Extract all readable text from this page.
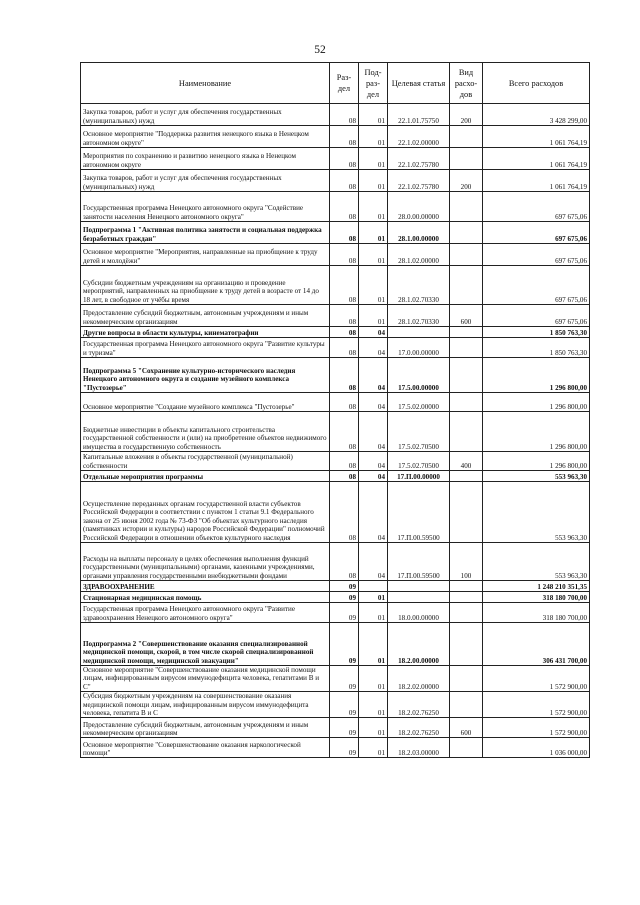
52
Наименование	Раз-дел	Под-раз-дел	Целевая статья	Вид расхо-дов	Всего расходов
Закупка товаров, работ и услуг для обеспечения государственных (муниципальных) нужд	08	01	22.1.01.75750	200	3 428 299,00
Основное мероприятие "Поддержка развития ненецкого языка в Ненецком автономном округе"	08	01	22.1.02.00000		1 061 764,19
Мероприятия по сохранению и развитию ненецкого языка в Ненецком автономном округе	08	01	22.1.02.75780		1 061 764,19
Закупка товаров, работ и услуг для обеспечения государственных (муниципальных) нужд	08	01	22.1.02.75780	200	1 061 764,19
Государственная программа Ненецкого автономного округа "Содействие занятости населения Ненецкого автономного округа"	08	01	28.0.00.00000		697 675,06
Подпрограмма 1 "Активная политика занятости и социальная поддержка безработных граждан"	08	01	28.1.00.00000		697 675,06
Основное мероприятие "Мероприятия, направленные на приобщение к труду детей и молодёжи"	08	01	28.1.02.00000		697 675,06
Субсидии бюджетным учреждениям на организацию и проведение мероприятий, направленных на приобщение к труду детей в возрасте от 14 до 18 лет, в свободное от учёбы время	08	01	28.1.02.70330		697 675,06
Предоставление субсидий бюджетным, автономным учреждениям и иным некоммерческим организациям	08	01	28.1.02.70330	600	697 675,06
Другие вопросы в области культуры, кинематографии	08	04			1 850 763,30
Государственная программа Ненецкого автономного округа "Развитие культуры и туризма"	08	04	17.0.00.00000		1 850 763,30
Подпрограмма 5 "Сохранение культурно-исторического наследия Ненецкого автономного округа и создание музейного комплекса "Пустозерье"	08	04	17.5.00.00000		1 296 800,00
Основное мероприятие "Создание музейного комплекса "Пустозерье"	08	04	17.5.02.00000		1 296 800,00
Бюджетные инвестиции в объекты капитального строительства государственной собственности и (или) на приобретение объектов недвижимого имущества в государственную собственность	08	04	17.5.02.70500		1 296 800,00
Капитальные вложения в объекты государственной (муниципальной) собственности	08	04	17.5.02.70500	400	1 296 800,00
Отдельные мероприятия программы	08	04	17.П.00.00000		553 963,30
Осуществление переданных органам государственной власти субъектов Российской Федерации в соответствии с пунктом 1 статьи 9.1 Федерального закона от 25 июня 2002 года № 73-ФЗ "Об объектах культурного наследия (памятниках истории и культуры) народов Российской Федерации" полномочий Российской Федерации в отношении объектов культурного наследия	08	04	17.П.00.59500		553 963,30
Расходы на выплаты персоналу в целях обеспечения выполнения функций государственными (муниципальными) органами, казенными учреждениями, органами управления государственными внебюджетными фондами	08	04	17.П.00.59500	100	553 963,30
ЗДРАВООХРАНЕНИЕ	09				1 248 210 351,35
Стационарная медицинская помощь	09	01			318 180 700,00
Государственная программа Ненецкого автономного округа "Развитие здравоохранения Ненецкого автономного округа"	09	01	18.0.00.00000		318 180 700,00
Подпрограмма 2 "Совершенствование оказания специализированной медицинской помощи, скорой, в том числе скорой специализированной медицинской помощи, медицинской эвакуации"	09	01	18.2.00.00000		306 431 700,00
Основное мероприятие "Совершенствование оказания медицинской помощи лицам, инфицированным вирусом иммунодефицита человека, гепатитами В и С"	09	01	18.2.02.00000		1 572 900,00
Субсидия бюджетным учреждениям на совершенствование оказания медицинской помощи лицам, инфицированным вирусом иммунодефицита человека, гепатита В и С	09	01	18.2.02.76250		1 572 900,00
Предоставление субсидий бюджетным, автономным учреждениям и иным некоммерческим организациям	09	01	18.2.02.76250	600	1 572 900,00
Основное мероприятие "Совершенствование оказания наркологической помощи"	09	01	18.2.03.00000		1 036 000,00
